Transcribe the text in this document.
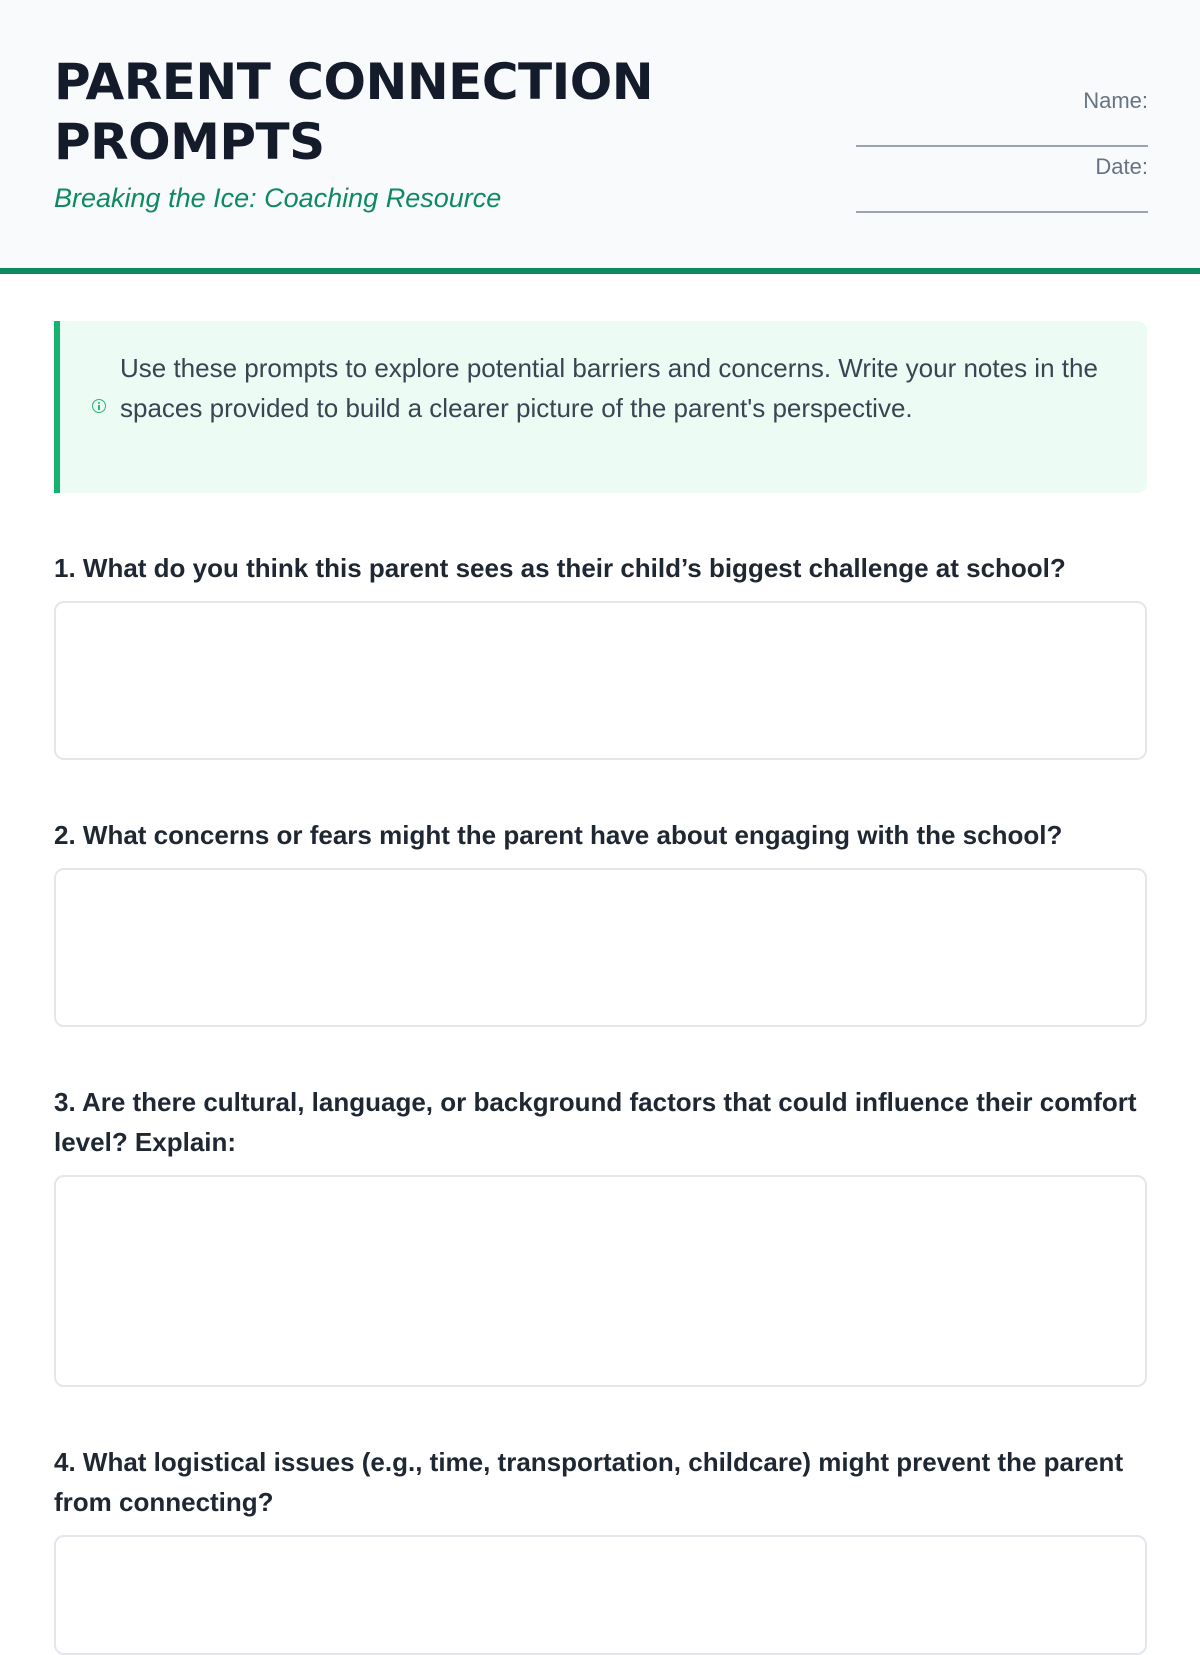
PARENT CONNECTION PROMPTS
Breaking the Ice: Coaching Resource
Name:
Date:
Use these prompts to explore potential barriers and concerns. Write your notes in the spaces provided to build a clearer picture of the parent's perspective.

1. What do you think this parent sees as their child’s biggest challenge at school?

2. What concerns or fears might the parent have about engaging with the school?

3. Are there cultural, language, or background factors that could influence their comfort level? Explain:

4. What logistical issues (e.g., time, transportation, childcare) might prevent the parent from connecting?
